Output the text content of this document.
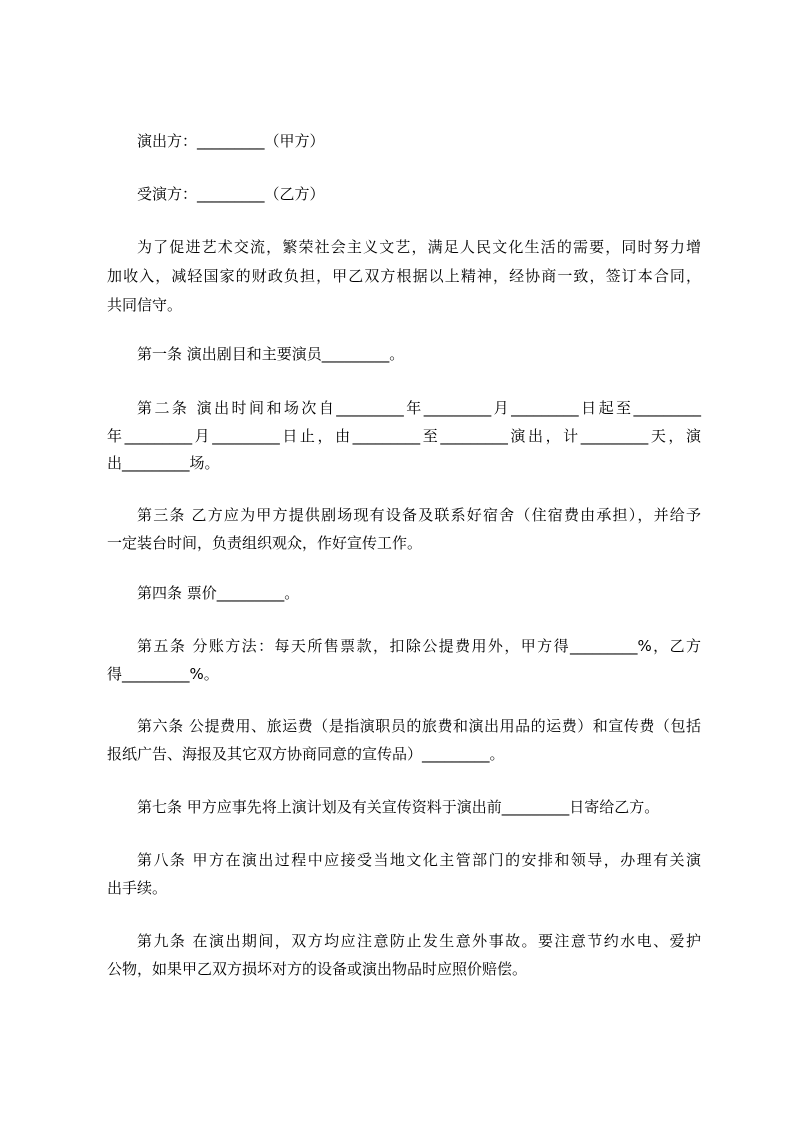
演出方：_________（甲方）
受演方：_________（乙方）
为了促进艺术交流，繁荣社会主义文艺，满足人民文化生活的需要，同时努力增
加收入，减轻国家的财政负担，甲乙双方根据以上精神，经协商一致，签订本合同，
共同信守。
第一条 演出剧目和主要演员_________。
第二条 演出时间和场次自_________年_________月_________日起至_________
年_________月_________日止，由_________至_________演出，计_________天，演
出_________场。
第三条 乙方应为甲方提供剧场现有设备及联系好宿舍（住宿费由承担），并给予
一定装台时间，负责组织观众，作好宣传工作。
第四条 票价_________。
第五条 分账方法：每天所售票款，扣除公提费用外，甲方得_________%，乙方
得_________%。
第六条 公提费用、旅运费（是指演职员的旅费和演出用品的运费）和宣传费（包括
报纸广告、海报及其它双方协商同意的宣传品）_________。
第七条 甲方应事先将上演计划及有关宣传资料于演出前_________日寄给乙方。
第八条 甲方在演出过程中应接受当地文化主管部门的安排和领导，办理有关演
出手续。
第九条 在演出期间，双方均应注意防止发生意外事故。要注意节约水电、爱护
公物，如果甲乙双方损坏对方的设备或演出物品时应照价赔偿。
